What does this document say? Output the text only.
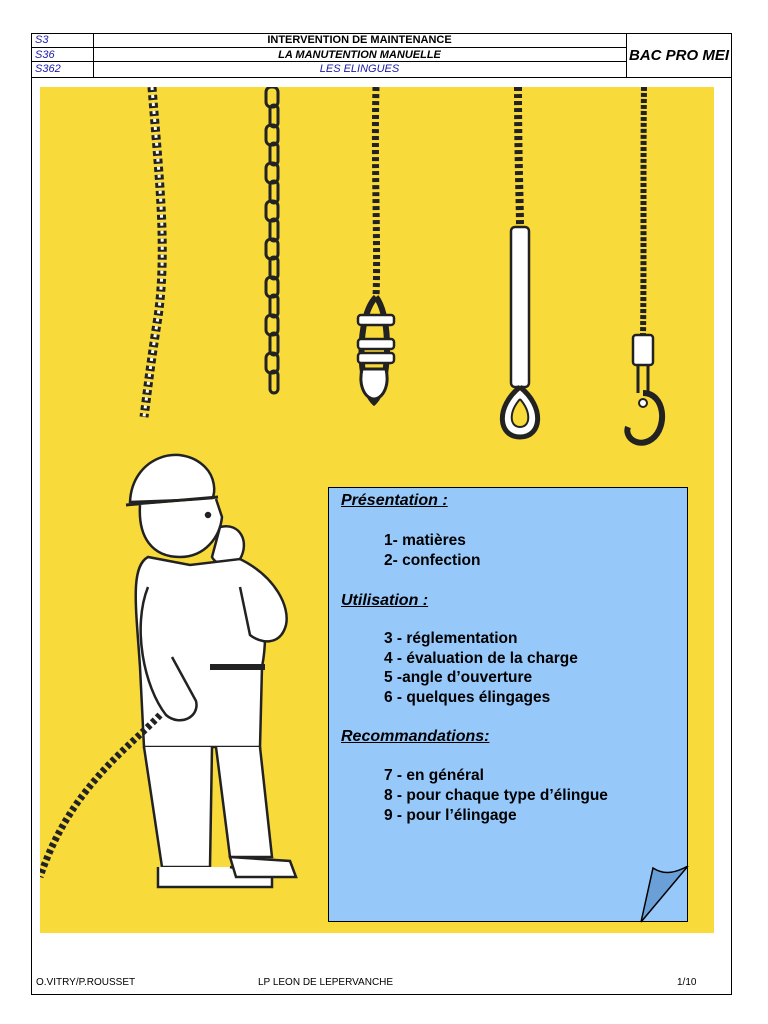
S3
S36
S362
INTERVENTION DE MAINTENANCE
LA MANUTENTION MANUELLE
LES ELINGUES
BAC PRO MEI
Présentation :
1- matières
2- confection
Utilisation :
3 - réglementation
4 - évaluation de la charge
5 -angle d’ouverture
6 - quelques élingages
Recommandations:
7 - en général
8 - pour chaque type d’élingue
9 - pour l’élingage
O.VITRY/P.ROUSSET	LP LEON DE LEPERVANCHE	1/10
